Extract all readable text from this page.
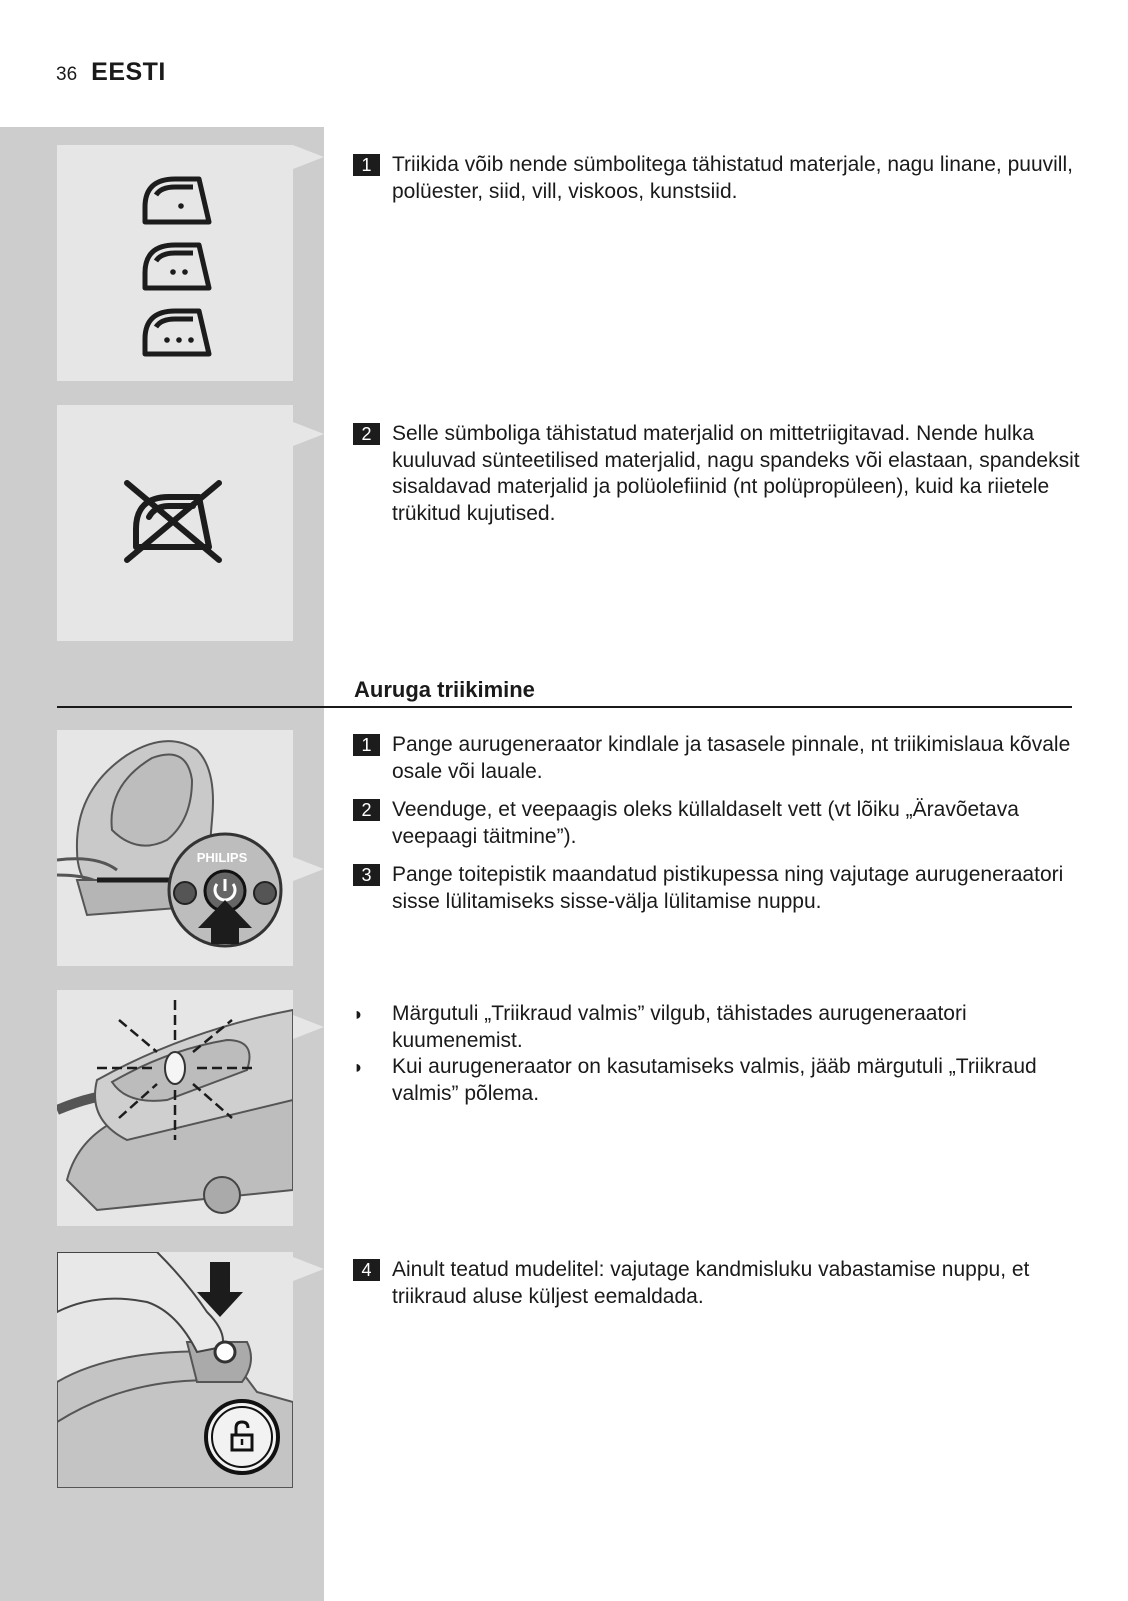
36 EESTI
PHILIPS
1 Triikida võib nende sümbolitega tähistatud materjale, nagu linane, puuvill, polüester, siid, vill, viskoos, kunstsiid.
2 Selle sümboliga tähistatud materjalid on mittetriigitavad. Nende hulka kuuluvad sünteetilised materjalid, nagu spandeks või elastaan, spandeksit sisaldavad materjalid ja polüolefiinid (nt polüpropüleen), kuid ka riietele trükitud kujutised.
Auruga triikimine
1 Pange aurugeneraator kindlale ja tasasele pinnale, nt triikimislaua kõvale osale või lauale.
2 Veenduge, et veepaagis oleks küllaldaselt vett (vt lõiku „Äravõetava veepaagi täitmine”).
3 Pange toitepistik maandatud pistikupessa ning vajutage aurugeneraatori sisse lülitamiseks sisse-välja lülitamise nuppu.
◗ Märgutuli „Triikraud valmis” vilgub, tähistades aurugeneraatori kuumenemist.
◗ Kui aurugeneraator on kasutamiseks valmis, jääb märgutuli „Triikraud valmis” põlema.
4 Ainult teatud mudelitel: vajutage kandmisluku vabastamise nuppu, et triikraud aluse küljest eemaldada.
